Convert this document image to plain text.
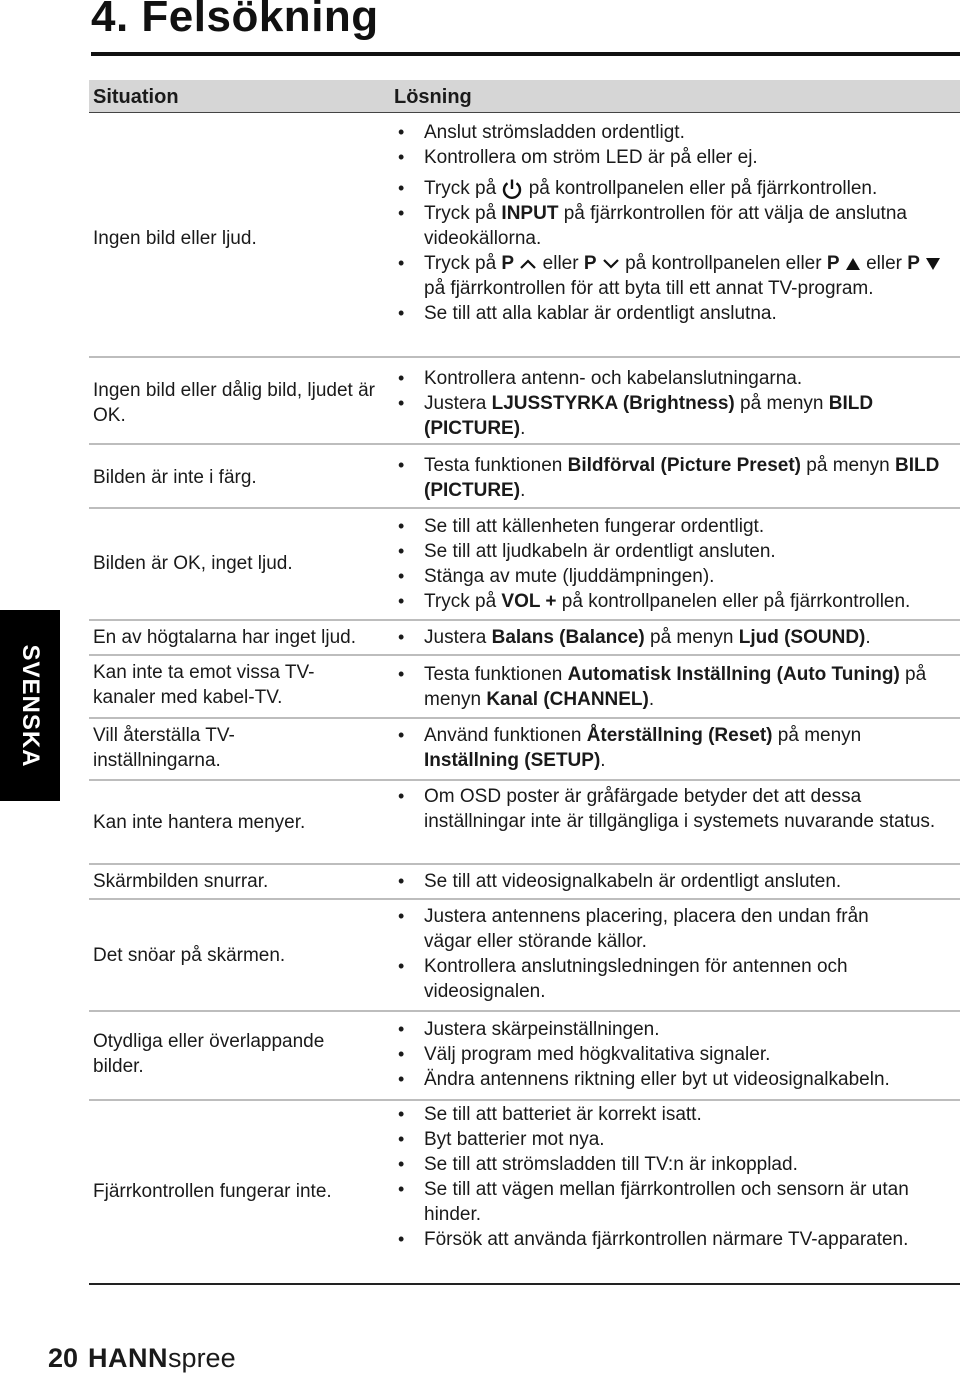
4. Felsökning
Situation	Lösning
Ingen bild eller ljud.
• Anslut strömsladden ordentligt.
• Kontrollera om ström LED är på eller ej.
• Tryck på på kontrollpanelen eller på fjärrkontrollen.
• Tryck på INPUT på fjärrkontrollen för att välja de anslutna videokällorna.
• Tryck på P eller P på kontrollpanelen eller P eller P  på fjärrkontrollen för att byta till ett annat TV-program.
• Se till att alla kablar är ordentligt anslutna.
Ingen bild eller dålig bild, ljudet är OK.
• Kontrollera antenn- och kabelanslutningarna.
• Justera LJUSSTYRKA (Brightness) på menyn BILD (PICTURE).
Bilden är inte i färg.
• Testa funktionen Bildförval (Picture Preset) på menyn BILD (PICTURE).
Bilden är OK, inget ljud.
• Se till att källenheten fungerar ordentligt.
• Se till att ljudkabeln är ordentligt ansluten.
• Stänga av mute (ljuddämpningen).
• Tryck på VOL + på kontrollpanelen eller på fjärrkontrollen.
En av högtalarna har inget ljud.	• Justera Balans (Balance) på menyn Ljud (SOUND).
Kan inte ta emot vissa TV-kanaler med kabel-TV.
• Testa funktionen Automatisk Inställning (Auto Tuning) på menyn Kanal (CHANNEL).
Vill återställa TV-inställningarna.
• Använd funktionen Återställning (Reset) på menyn Inställning (SETUP).
Kan inte hantera menyer.
• Om OSD poster är gråfärgade betyder det att dessa inställningar inte är tillgängliga i systemets nuvarande status.
Skärmbilden snurrar.	• Se till att videosignalkabeln är ordentligt ansluten.
Det snöar på skärmen.
• Justera antennens placering, placera den undan från vägar eller störande källor.
• Kontrollera anslutningsledningen för antennen och videosignalen.
Otydliga eller överlappande bilder.
• Justera skärpeinställningen.
• Välj program med högkvalitativa signaler.
• Ändra antennens riktning eller byt ut videosignalkabeln.
Fjärrkontrollen fungerar inte.
• Se till att batteriet är korrekt isatt.
• Byt batterier mot nya.
• Se till att strömsladden till TV:n är inkopplad.
• Se till att vägen mellan fjärrkontrollen och sensorn är utan hinder.
• Försök att använda fjärrkontrollen närmare TV-apparaten.
SVENSKA
20 HANNspree
